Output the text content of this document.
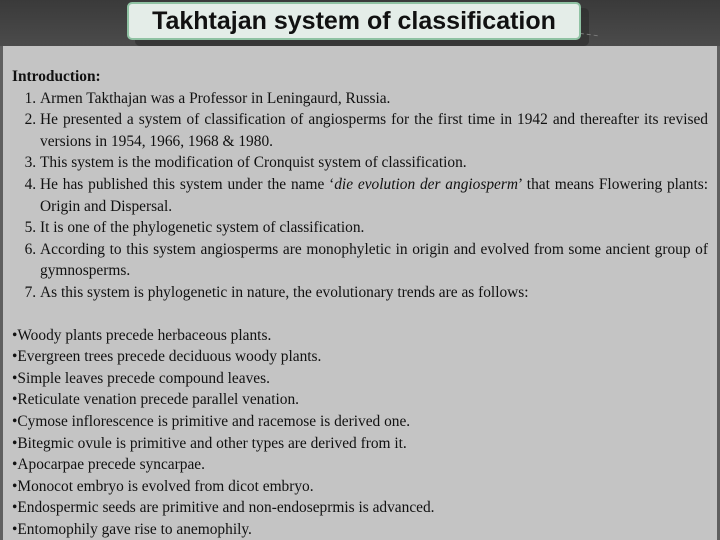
Takhtajan system of classification

Introduction:

1. Armen Takthajan was a Professor in Leningaurd, Russia.
2. He presented a system of classification of angiosperms for the first time in 1942 and thereafter its revised versions in 1954, 1966, 1968 & 1980.
3. This system is the modification of Cronquist system of classification.
4. He has published this system under the name ‘die evolution der angiosperm’ that means Flowering plants: Origin and Dispersal.
5. It is one of the phylogenetic system of classification.
6. According to this system angiosperms are monophyletic in origin and evolved from some ancient group of gymnosperms.
7. As this system is phylogenetic in nature, the evolutionary trends are as follows:
• Woody plants precede herbaceous plants.
• Evergreen trees precede deciduous woody plants.
• Simple leaves precede compound leaves.
• Reticulate venation precede parallel venation.
• Cymose inflorescence is primitive and racemose is derived one.
• Bitegmic ovule is primitive and other types are derived from it.
• Apocarpae precede syncarpae.
• Monocot embryo is evolved from dicot embryo.
• Endospermic seeds are primitive and non-endoseprmis is advanced.
• Entomophily gave rise to anemophily.
